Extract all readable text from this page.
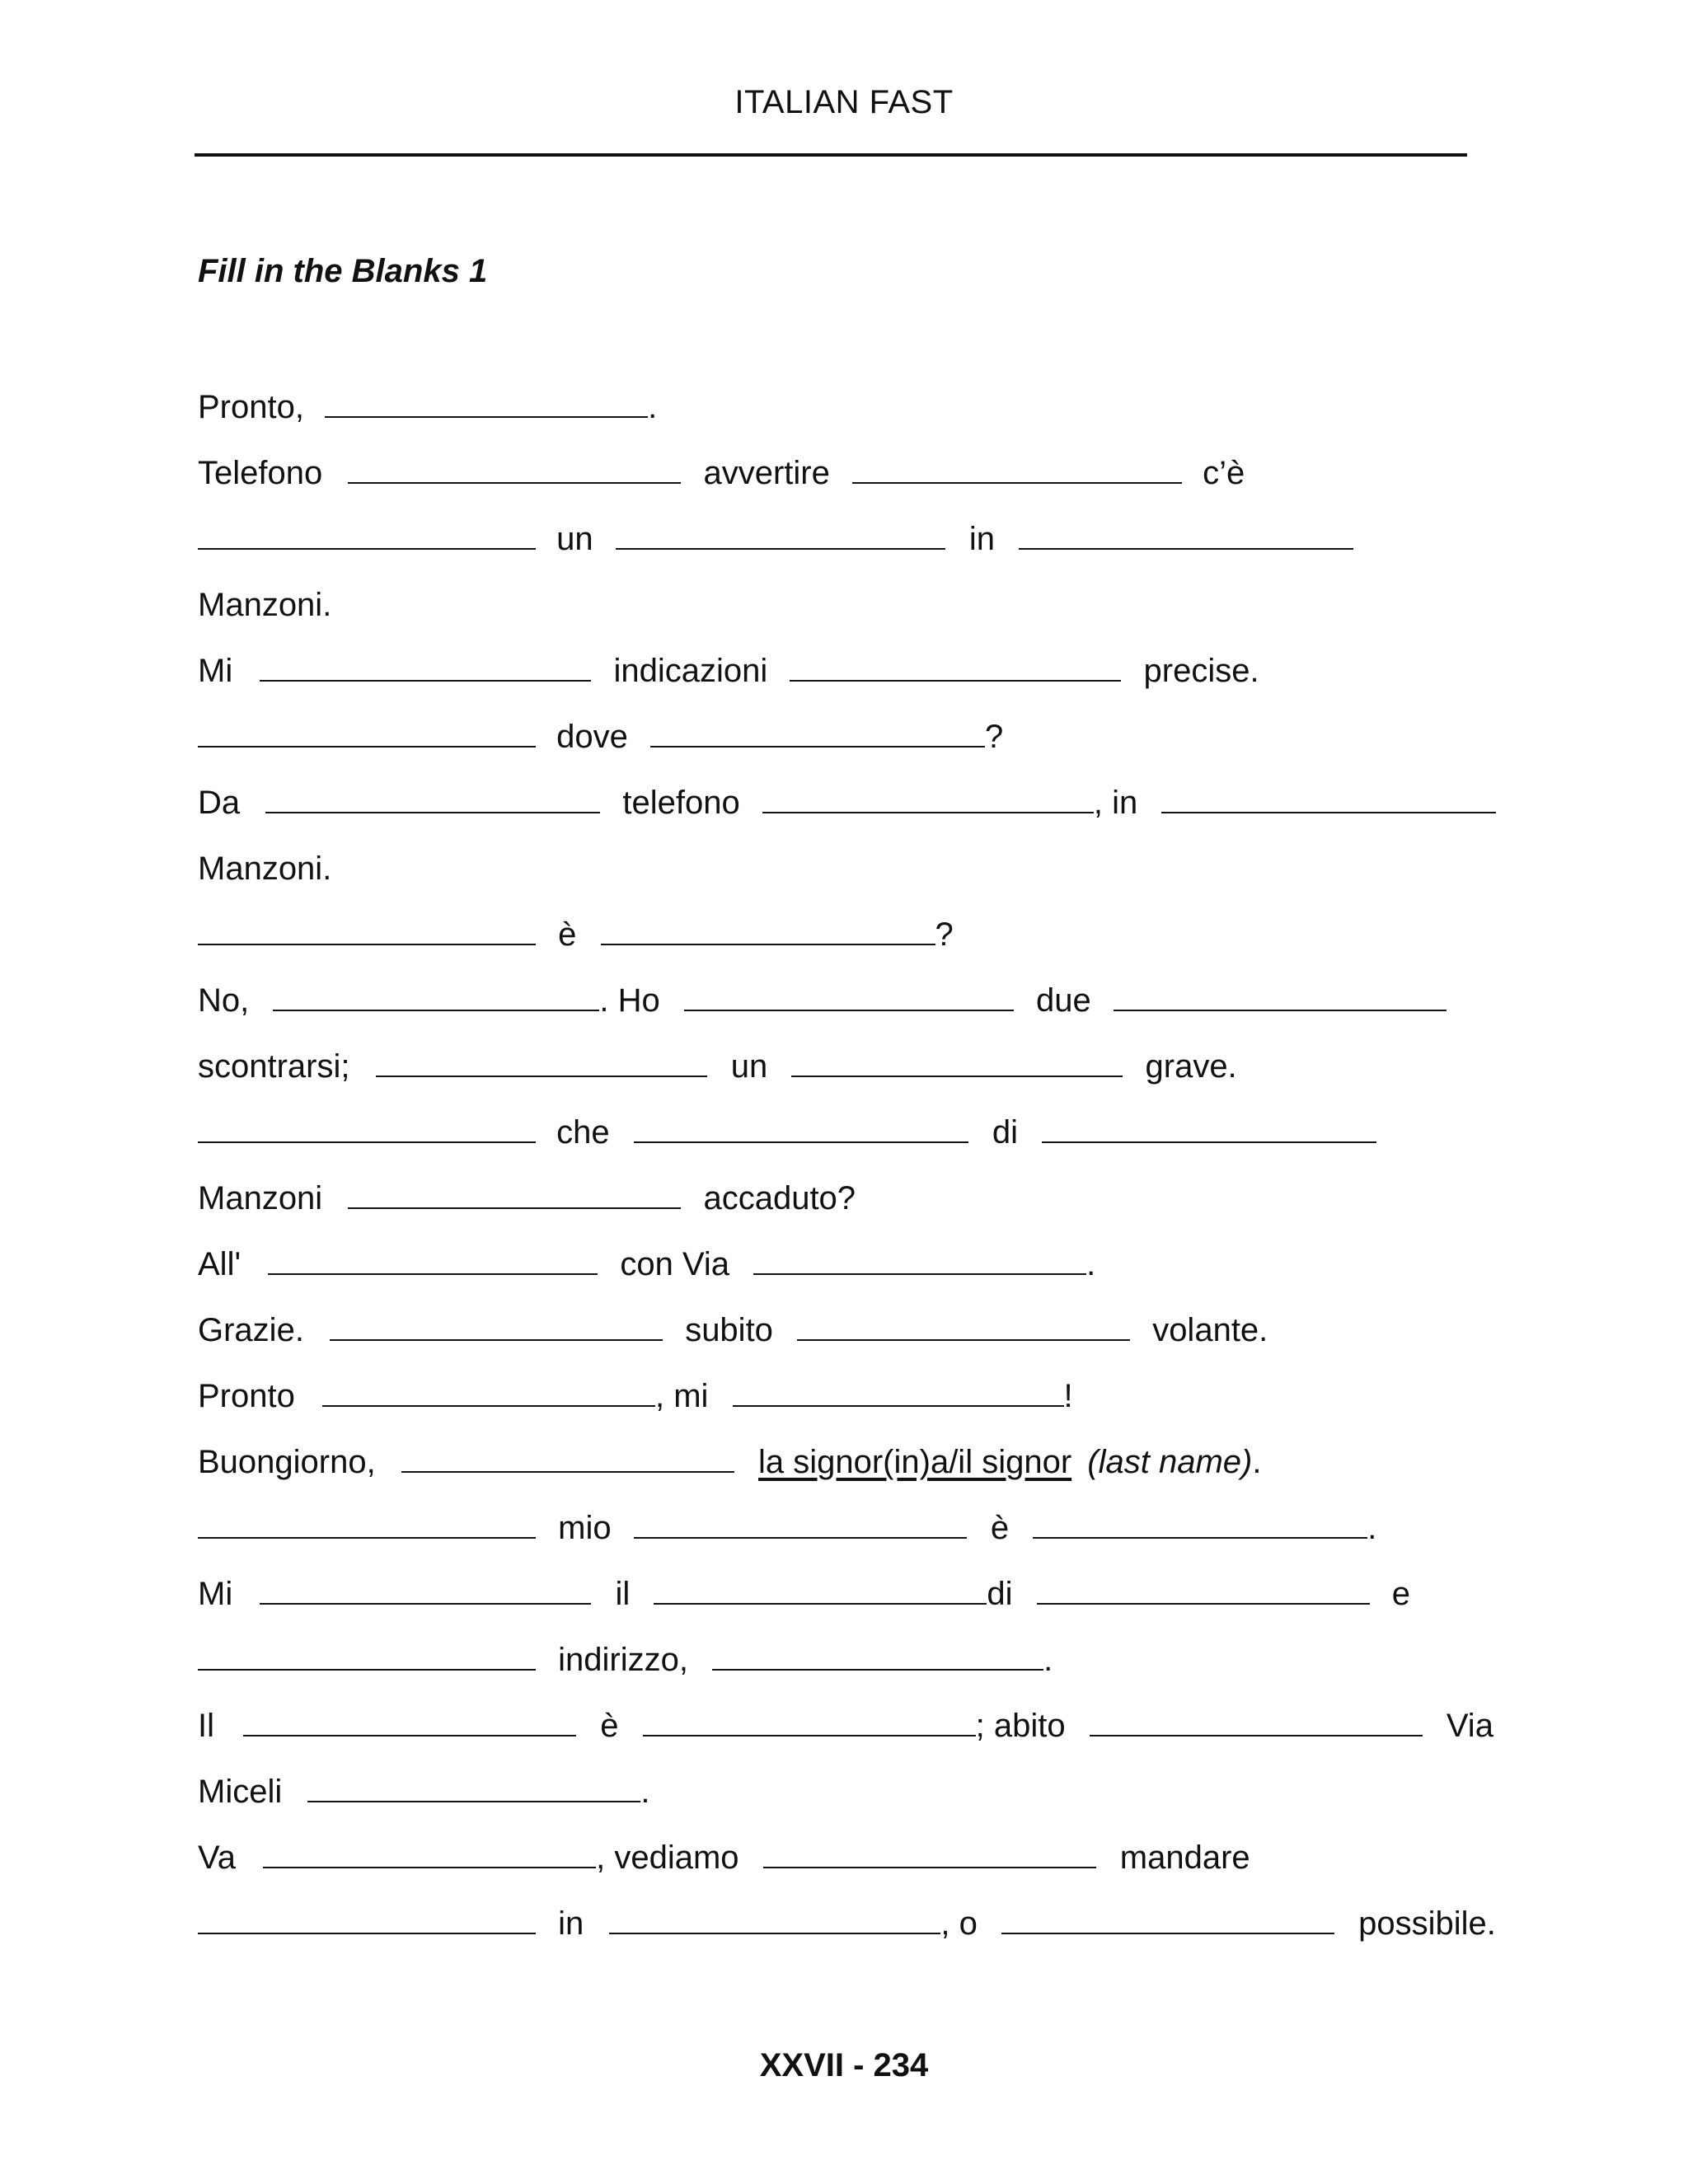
ITALIAN FAST
Fill in the Blanks 1
Pronto,	.
Telefono	avvertire	c’è
un	in
Manzoni.
Mi	indicazioni	precise.
dove	?
Da	telefono	, in
Manzoni.
è	?
No,	. Ho	due
scontrarsi;	un	grave.
che	di
Manzoni	accaduto?
All'	con Via	.
Grazie.	subito	volante.
Pronto	, mi	!
Buongiorno,	la signor(in)a/il signor (last name).
mio	è	.
Mi	il	di	e
indirizzo,	.
Il	è	; abito	Via
Miceli	.
Va	, vediamo	mandare
in	, o	possibile.
XXVII - 234
